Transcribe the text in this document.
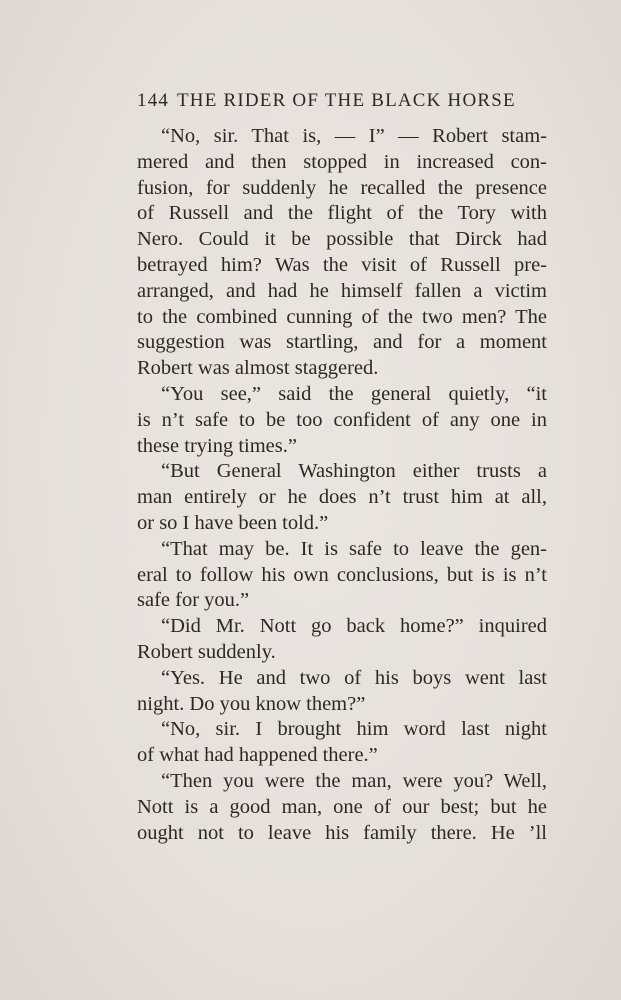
144 THE RIDER OF THE BLACK HORSE
“No, sir. That is, — I” — Robert stam-
mered and then stopped in increased con-
fusion, for suddenly he recalled the presence
of Russell and the flight of the Tory with
Nero. Could it be possible that Dirck had
betrayed him? Was the visit of Russell pre-
arranged, and had he himself fallen a victim
to the combined cunning of the two men? The
suggestion was startling, and for a moment
Robert was almost staggered.
“You see,” said the general quietly, “it
is n’t safe to be too confident of any one in
these trying times.”
“But General Washington either trusts a
man entirely or he does n’t trust him at all,
or so I have been told.”
“That may be. It is safe to leave the gen-
eral to follow his own conclusions, but is is n’t
safe for you.”
“Did Mr. Nott go back home?” inquired
Robert suddenly.
“Yes. He and two of his boys went last
night. Do you know them?”
“No, sir. I brought him word last night
of what had happened there.”
“Then you were the man, were you? Well,
Nott is a good man, one of our best; but he
ought not to leave his family there. He ’ll
